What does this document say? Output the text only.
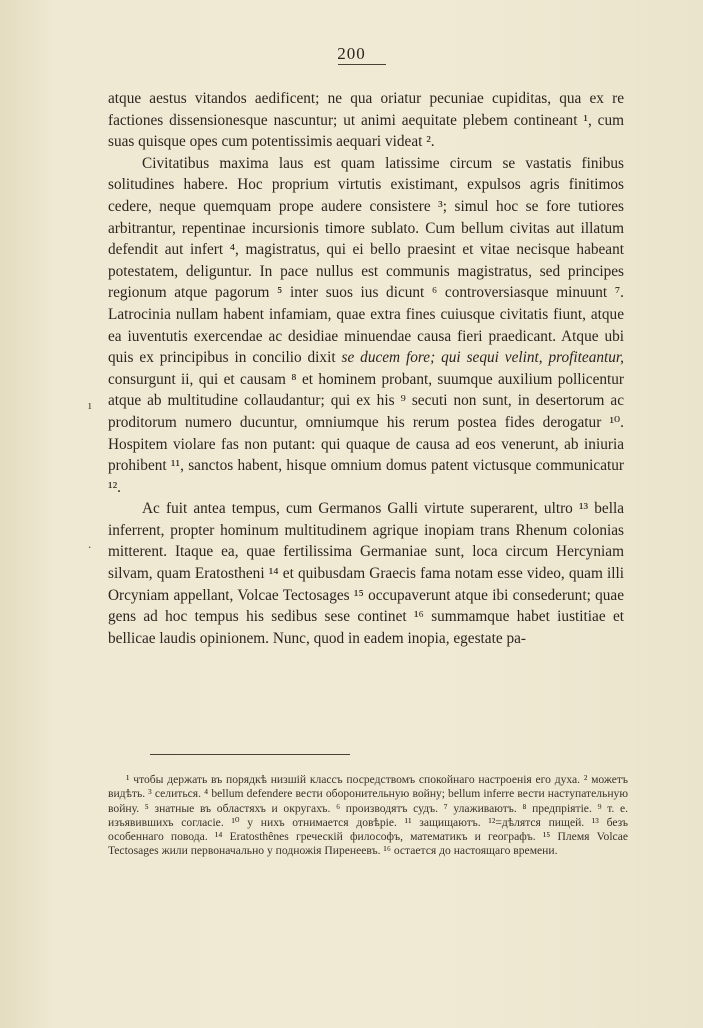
200

atque aestus vitandos aedificent; ne qua oriatur pecuniae cupiditas, qua ex re factiones dissensionesque nascuntur; ut animi aequitate plebem contineant ¹, cum suas quisque opes cum potentissimis aequari videat ².

Civitatibus maxima laus est quam latissime circum se vastatis finibus solitudines habere. Hoc proprium virtutis existimant, expulsos agris finitimos cedere, neque quemquam prope audere consistere ³; simul hoc se fore tutiores arbitrantur, repentinae incursionis timore sublato. Cum bellum civitas aut illatum defendit aut infert ⁴, magistratus, qui ei bello praesint et vitae necisque habeant potestatem, deliguntur. In pace nullus est communis magistratus, sed principes regionum atque pagorum ⁵ inter suos ius dicunt ⁶ controversiasque minuunt ⁷. Latrocinia nullam habent infamiam, quae extra fines cuiusque civitatis fiunt, atque ea iuventutis exercendae ac desidiae minuendae causa fieri praedicant. Atque ubi quis ex principibus in concilio dixit se ducem fore; qui sequi velint, profiteantur, consurgunt ii, qui et causam ⁸ et hominem probant, suumque auxilium pollicentur atque ab multitudine collaudantur; qui ex his ⁹ secuti non sunt, in desertorum ac proditorum numero ducuntur, omniumque his rerum postea fides derogatur ¹⁰. Hospitem violare fas non putant: qui quaque de causa ad eos venerunt, ab iniuria prohibent ¹¹, sanctos habent, hisque omnium domus patent victusque communicatur ¹².

Ac fuit antea tempus, cum Germanos Galli virtute superarent, ultro ¹³ bella inferrent, propter hominum multitudinem agrique inopiam trans Rhenum colonias mitterent. Itaque ea, quae fertilissima Germaniae sunt, loca circum Hercyniam silvam, quam Eratostheni ¹⁴ et quibusdam Graecis fama notam esse video, quam illi Orcyniam appellant, Volcae Tectosages ¹⁵ occupaverunt atque ibi consederunt; quae gens ad hoc tempus his sedibus sese continet ¹⁶ summamque habet iustitiae et bellicae laudis opinionem. Nunc, quod in eadem inopia, egestate pa-

ı
.

¹ чтобы держать въ порядкѣ низшій классъ посредствомъ спокойнаго настроенія его духа. ² можетъ видѣть. ³ селиться. ⁴ bellum defendere вести оборонительную войну; bellum inferre вести наступательную войну. ⁵ знатные въ областяхъ и округахъ. ⁶ производятъ судъ. ⁷ улаживаютъ. ⁸ предпріятіе. ⁹ т. е. изъявившихъ согласіе. ¹⁰ у нихъ отнимается довѣріе. ¹¹ защищаютъ. ¹²=дѣлятся пищей. ¹³ безъ особеннаго повода. ¹⁴ Eratosthênes греческій философъ, математикъ и географъ. ¹⁵ Племя Volcae Tectosages жили первоначально у подножія Пиренеевъ. ¹⁶ остается до настоящаго времени.
